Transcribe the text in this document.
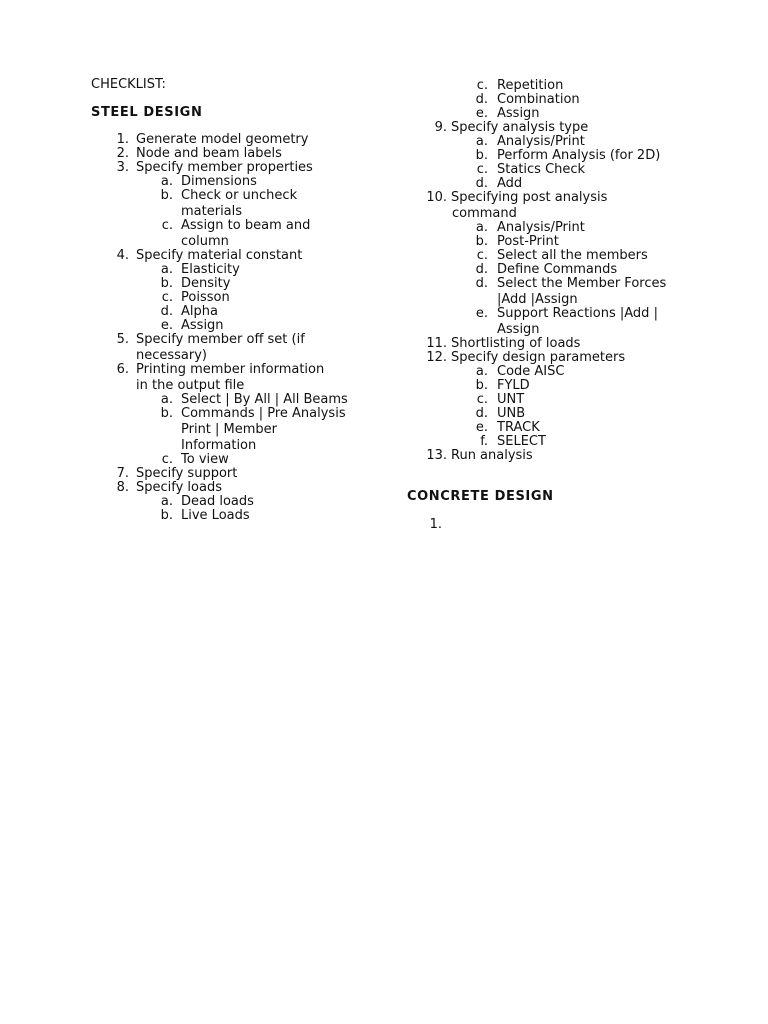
CHECKLIST:
STEEL DESIGN
1. Generate model geometry
2. Node and beam labels
3. Specify member properties
a. Dimensions
b. Check or uncheck
materials
c. Assign to beam and
column
4. Specify material constant
a. Elasticity
b. Density
c. Poisson
d. Alpha
e. Assign
5. Specify member off set (if
necessary)
6. Printing member information
in the output file
a. Select | By All | All Beams
b. Commands | Pre Analysis
Print | Member
Information
c. To view
7. Specify support
8. Specify loads
a. Dead loads
b. Live Loads
c. Repetition
d. Combination
e. Assign
9. Specify analysis type
a. Analysis/Print
b. Perform Analysis (for 2D)
c. Statics Check
d. Add
10. Specifying post analysis
command
a. Analysis/Print
b. Post-Print
c. Select all the members
d. Define Commands
d. Select the Member Forces
|Add |Assign
e. Support Reactions |Add |
Assign
11. Shortlisting of loads
12. Specify design parameters
a. Code AISC
b. FYLD
c. UNT
d. UNB
e. TRACK
f. SELECT
13. Run analysis
CONCRETE DESIGN
1.
